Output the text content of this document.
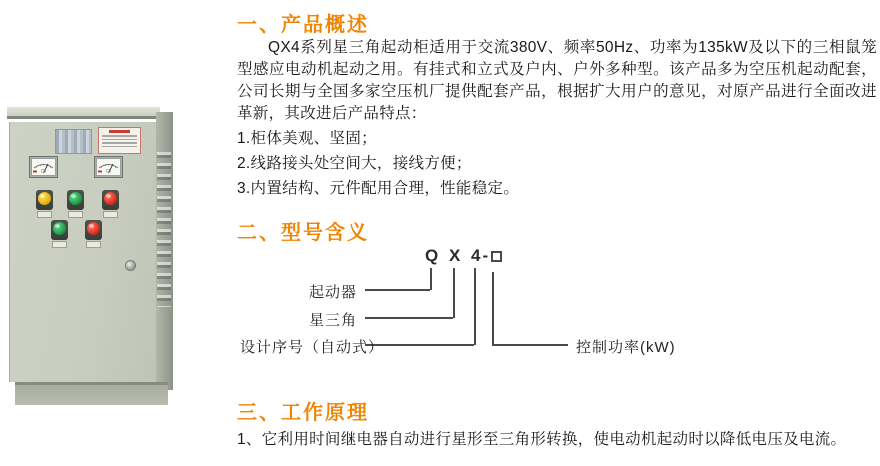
一、产品概述

QX4系列星三角起动柜适用于交流380V、频率50Hz、功率为135kW及以下的三相鼠笼型感应电动机起动之用。有挂式和立式及户内、户外多种型。该产品多为空压机起动配套，公司长期与全国多家空压机厂提供配套产品，根据扩大用户的意见，对原产品进行全面改进革新，其改进后产品特点：

1.柜体美观、坚固；
2.线路接头处空间大，接线方便；
3.内置结构、元件配用合理，性能稳定。
二、型号含义
Q X 4-
起动器
星三角
设计序号（自动式）	控制功率(kW)
三、工作原理

1、它利用时间继电器自动进行星形至三角形转换，使电动机起动时以降低电压及电流。
